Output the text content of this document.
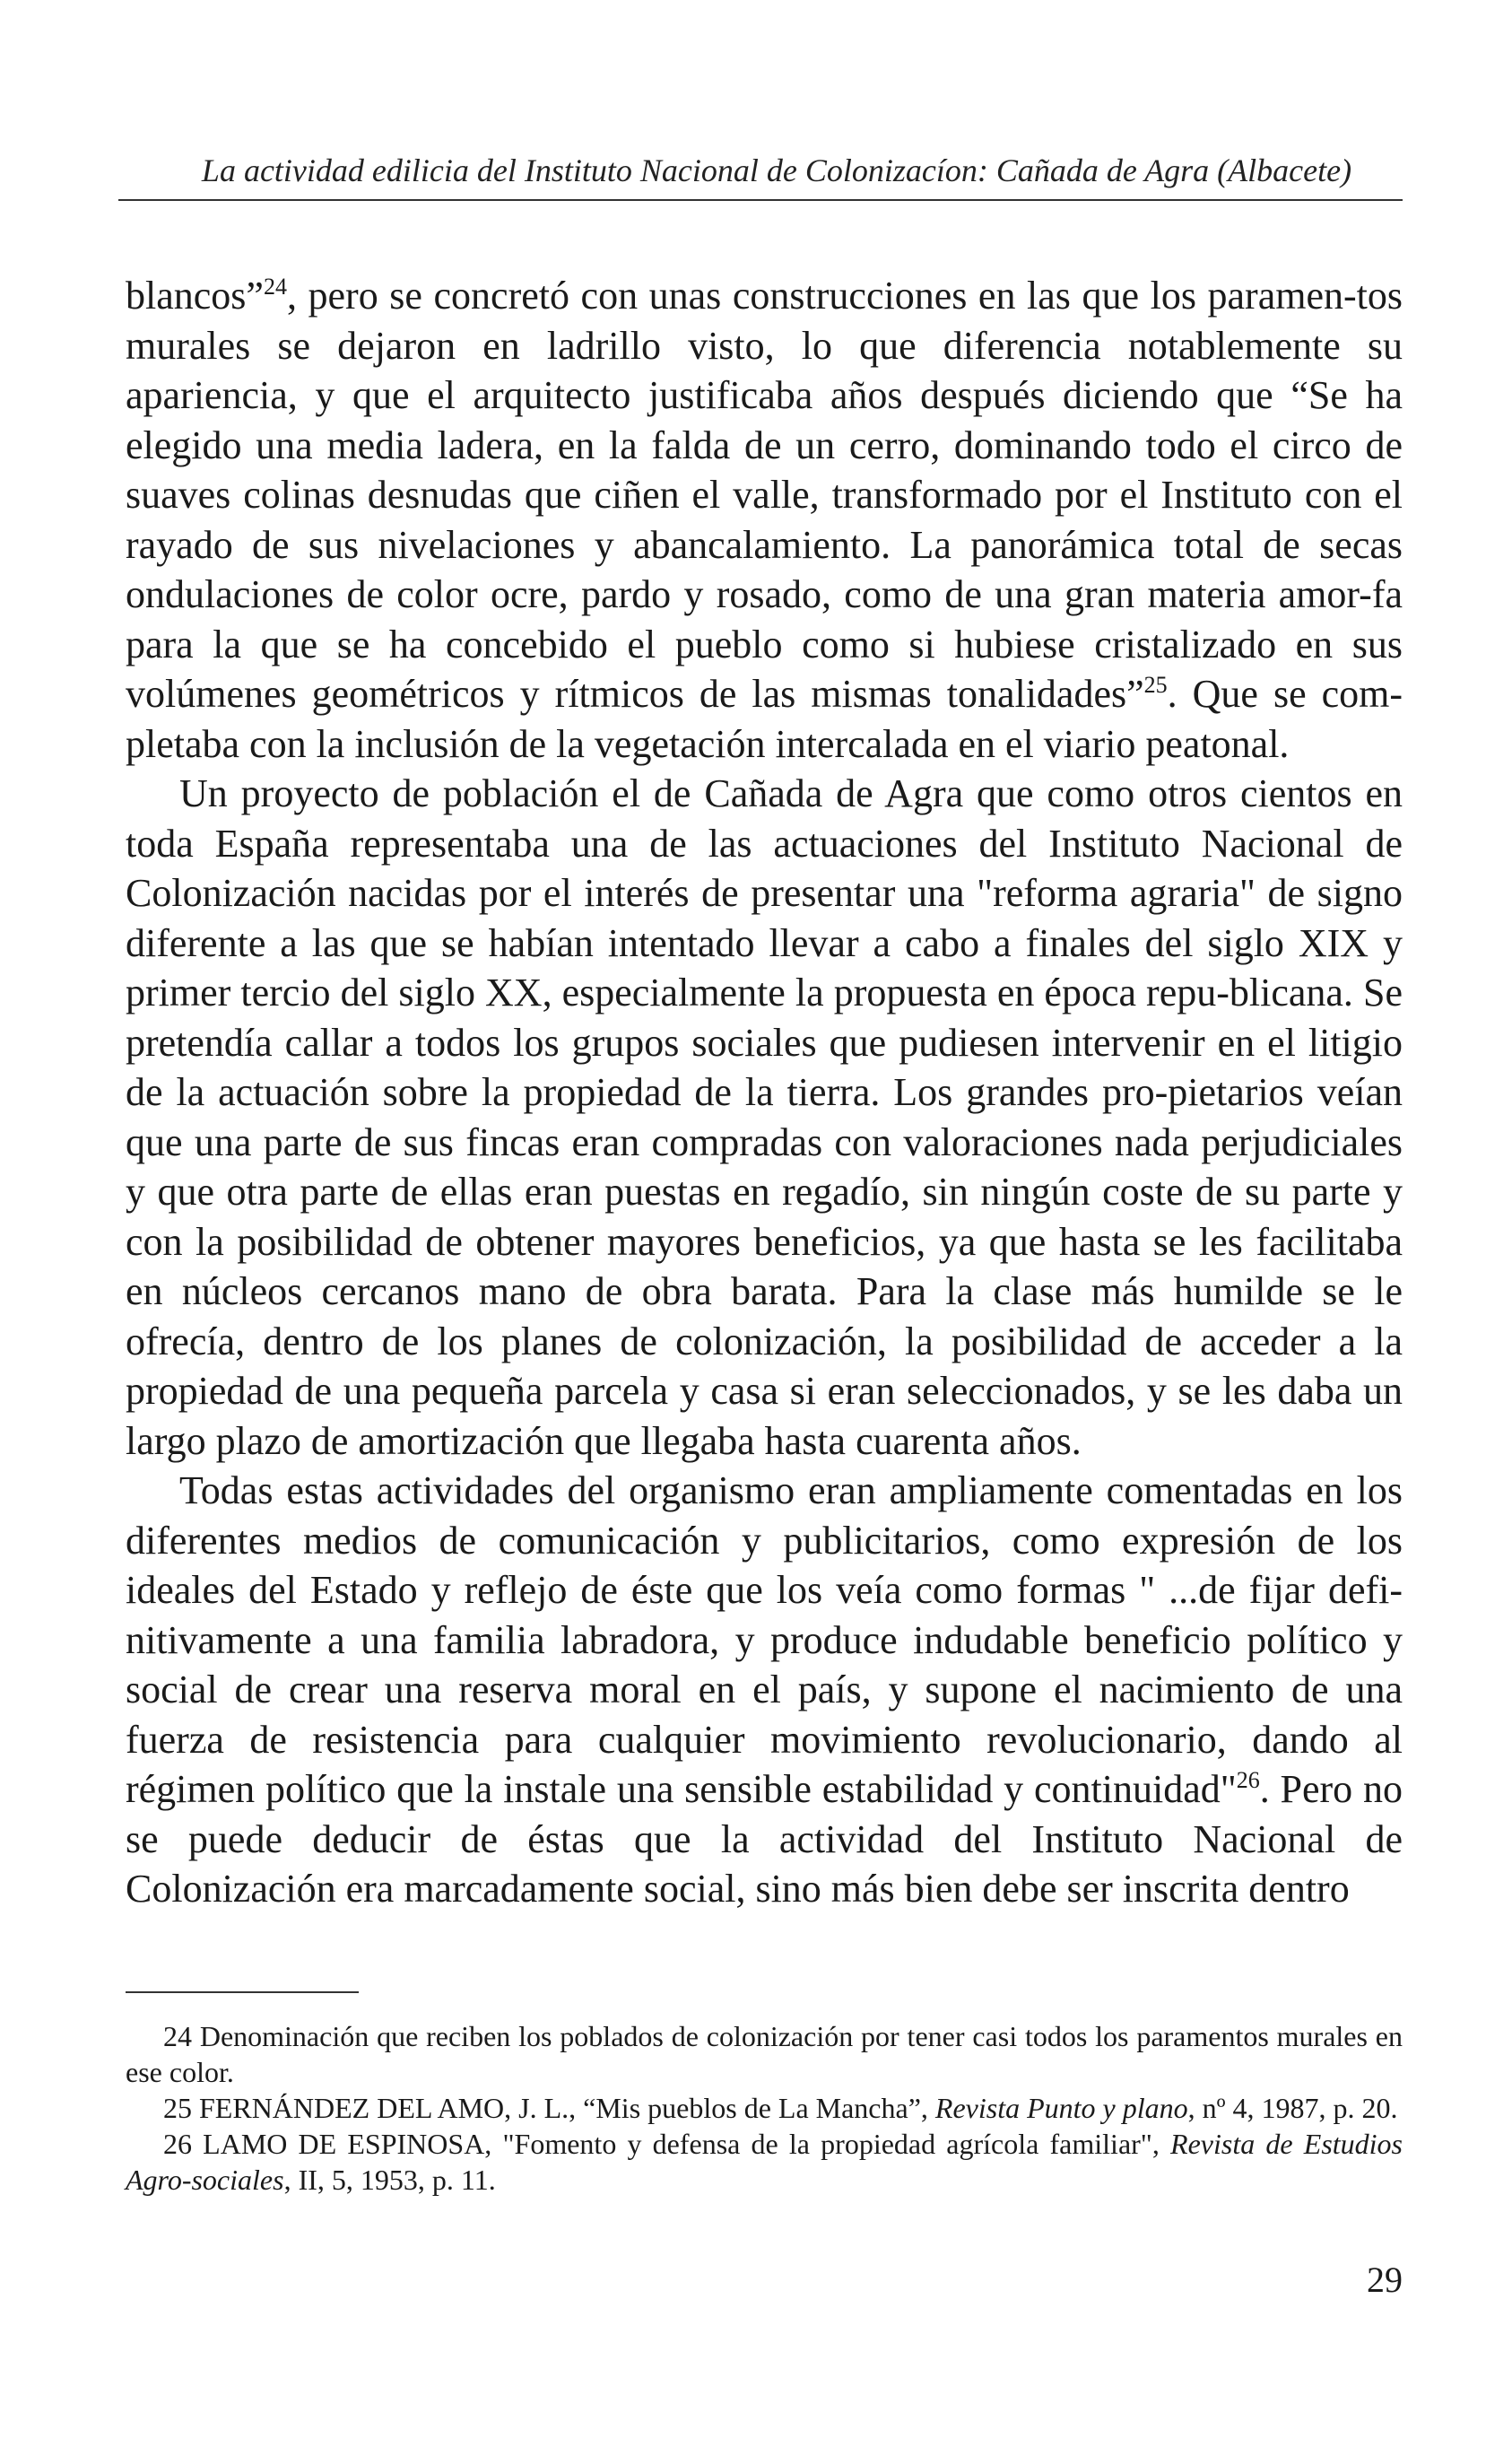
La actividad edilicia del Instituto Nacional de Colonizacíon: Cañada de Agra (Albacete)

blancos”$^{24}$, pero se concretó con unas construcciones en las que los paramen-tos murales se dejaron en ladrillo visto, lo que diferencia notablemente su apariencia, y que el arquitecto justificaba años después diciendo que “Se ha elegido una media ladera, en la falda de un cerro, dominando todo el circo de suaves colinas desnudas que ciñen el valle, transformado por el Instituto con el rayado de sus nivelaciones y abancalamiento. La panorámica total de secas ondulaciones de color ocre, pardo y rosado, como de una gran materia amor-fa para la que se ha concebido el pueblo como si hubiese cristalizado en sus volúmenes geométricos y rítmicos de las mismas tonalidades”$^{25}$. Que se com-pletaba con la inclusión de la vegetación intercalada en el viario peatonal.

Un proyecto de población el de Cañada de Agra que como otros cientos en toda España representaba una de las actuaciones del Instituto Nacional de Colonización nacidas por el interés de presentar una "reforma agraria" de signo diferente a las que se habían intentado llevar a cabo a finales del siglo XIX y primer tercio del siglo XX, especialmente la propuesta en época repu-blicana. Se pretendía callar a todos los grupos sociales que pudiesen intervenir en el litigio de la actuación sobre la propiedad de la tierra. Los grandes pro-pietarios veían que una parte de sus fincas eran compradas con valoraciones nada perjudiciales y que otra parte de ellas eran puestas en regadío, sin ningún coste de su parte y con la posibilidad de obtener mayores beneficios, ya que hasta se les facilitaba en núcleos cercanos mano de obra barata. Para la clase más humilde se le ofrecía, dentro de los planes de colonización, la posibilidad de acceder a la propiedad de una pequeña parcela y casa si eran seleccionados, y se les daba un largo plazo de amortización que llegaba hasta cuarenta años.

Todas estas actividades del organismo eran ampliamente comentadas en los diferentes medios de comunicación y publicitarios, como expresión de los ideales del Estado y reflejo de éste que los veía como formas " ...de fijar defi-nitivamente a una familia labradora, y produce indudable beneficio político y social de crear una reserva moral en el país, y supone el nacimiento de una fuerza de resistencia para cualquier movimiento revolucionario, dando al régimen político que la instale una sensible estabilidad y continuidad"$^{26}$. Pero no se puede deducir de éstas que la actividad del Instituto Nacional de Colonización era marcadamente social, sino más bien debe ser inscrita dentro

24 Denominación que reciben los poblados de colonización por tener casi todos los paramentos murales en ese color.

25 FERNÁNDEZ DEL AMO, J. L., “Mis pueblos de La Mancha”, Revista Punto y plano, nº 4, 1987, p. 20.

26 LAMO DE ESPINOSA, "Fomento y defensa de la propiedad agrícola familiar", Revista de Estudios Agro-sociales, II, 5, 1953, p. 11.

29
